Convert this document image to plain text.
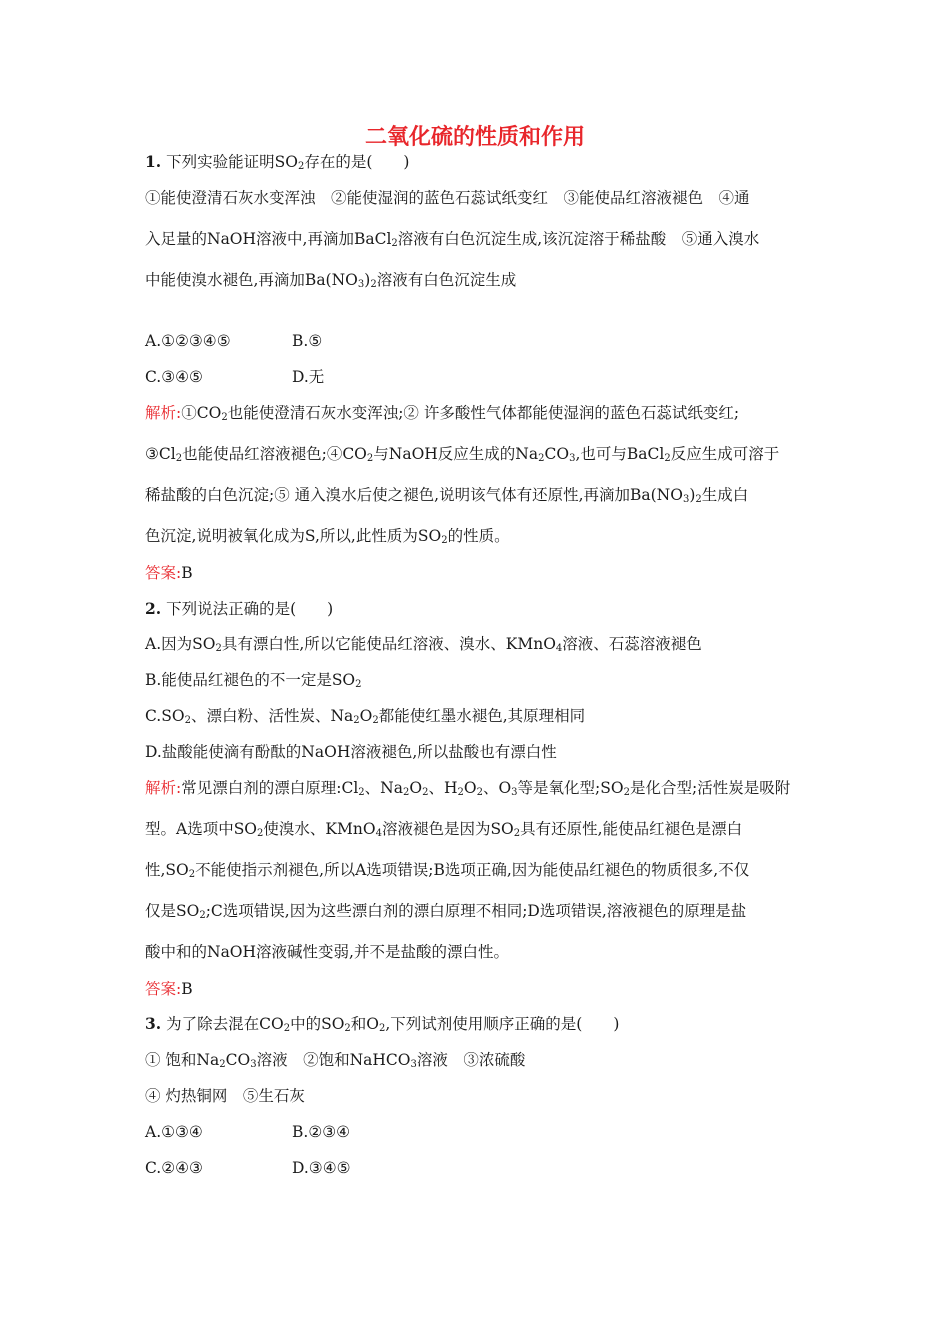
二氧化硫的性质和作用
1. 下列实验能证明$SO_2$存在的是(　　)
①能使澄清石灰水变浑浊　②能使湿润的蓝色石蕊试纸变红　③能使品红溶液褪色　④通
入足量的NaOH溶液中,再滴加BaCl$_2$溶液有白色沉淀生成,该沉淀溶于稀盐酸　⑤通入溴水
中能使溴水褪色,再滴加$Ba(NO_3)_2$溶液有白色沉淀生成
A.①②③④⑤	B.⑤
C.③④⑤	D.无
解析$:①CO_2$也能使澄清石灰水变浑浊;② 许多酸性气体都能使湿润的蓝色石蕊试纸变红;
$③Cl_2$也能使品红溶液褪色$;④CO_2$与NaOH反应生成的$Na_2CO_3$,也可与BaCl$_2$反应生成可溶于
稀盐酸的白色沉淀;⑤ 通入溴水后使之褪色,说明该气体有还原性,再滴加$Ba(NO_3)_2$生成白
色沉淀,说明被氧化成为S,所以,此性质为$SO_2$的性质。
答案:B
2. 下列说法正确的是(　　)
A.因为$SO_2$具有漂白性,所以它能使品红溶液、溴水、KMnO$_4$溶液、石蕊溶液褪色
B.能使品红褪色的不一定是$SO_2$
$C.SO_2$、漂白粉、活性炭、$Na_2O_2$都能使红墨水褪色,其原理相同
D.盐酸能使滴有酚酞的NaOH溶液褪色,所以盐酸也有漂白性
解析:常见漂白剂的漂白原理$:Cl_2$、$Na_2O_2$、$H_2O_2$、$O_3$等是氧化型$;SO_2$是化合型;活性炭是吸附
型。A选项中$SO_2$使溴水、KMnO$_4$溶液褪色是因为$SO_2$具有还原性,能使品红褪色是漂白
性$,SO_2$不能使指示剂褪色,所以A选项错误;B选项正确,因为能使品红褪色的物质很多,不仅
仅是$SO_2;C$选项错误,因为这些漂白剂的漂白原理不相同;D选项错误,溶液褪色的原理是盐
酸中和的NaOH溶液碱性变弱,并不是盐酸的漂白性。
答案:B
3. 为了除去混在$CO_2$中的$SO_2$和$O_2$,下列试剂使用顺序正确的是(　　)
① 饱和$Na_2CO_3$溶液　②饱和NaHCO$_3$溶液　③浓硫酸
④ 灼热铜网　⑤生石灰
A.①③④	B.②③④
C.②④③	D.③④⑤
